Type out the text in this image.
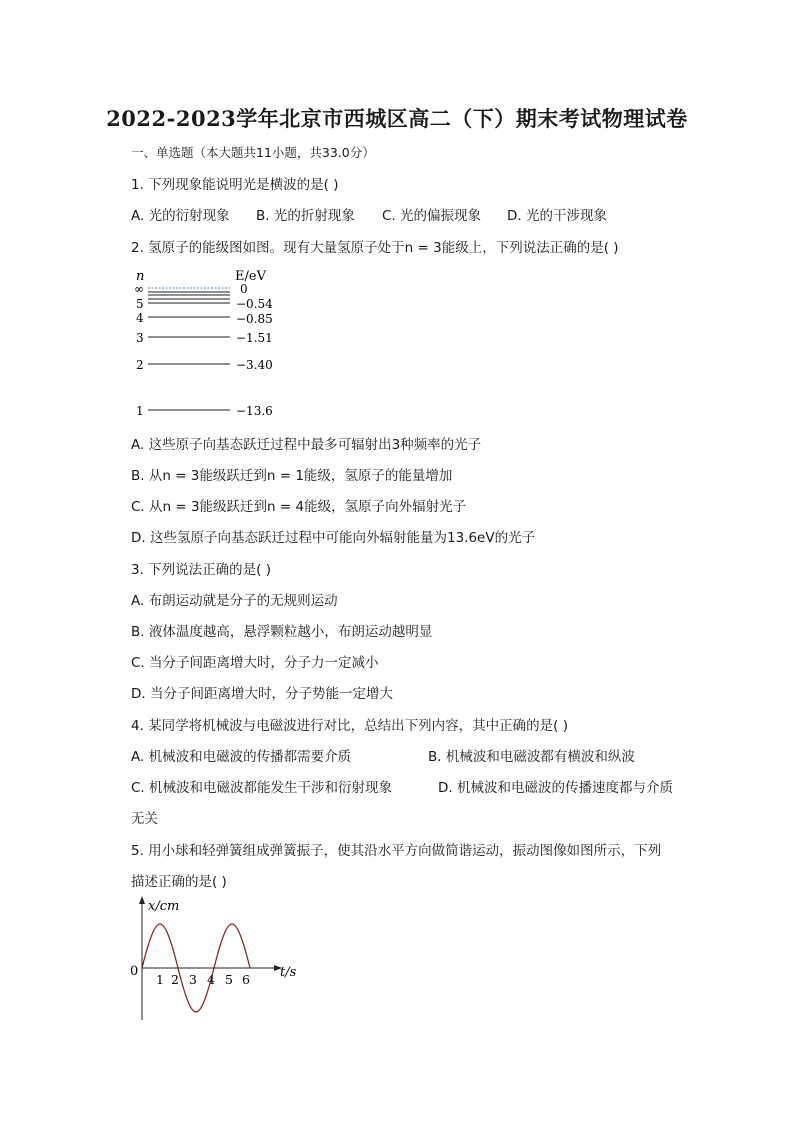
2022-2023学年北京市西城区高二（下）期末考试物理试卷
一、单选题（本大题共11小题，共33.0分）
1. 下列现象能说明光是横波的是( )
A. 光的衍射现象 B. 光的折射现象 C. 光的偏振现象 D. 光的干涉现象
2. 氢原子的能级图如图。现有大量氢原子处于n = 3能级上，下列说法正确的是( )
n	E/eV
∞	0
5	−0.54
4	−0.85
3	−1.51
2	−3.40
1	−13.6
A. 这些原子向基态跃迁过程中最多可辐射出3种频率的光子
B. 从n = 3能级跃迁到n = 1能级，氢原子的能量增加
C. 从n = 3能级跃迁到n = 4能级，氢原子向外辐射光子
D. 这些氢原子向基态跃迁过程中可能向外辐射能量为13.6eV的光子
3. 下列说法正确的是( )
A. 布朗运动就是分子的无规则运动
B. 液体温度越高，悬浮颗粒越小，布朗运动越明显
C. 当分子间距离增大时，分子力一定减小
D. 当分子间距离增大时，分子势能一定增大
4. 某同学将机械波与电磁波进行对比，总结出下列内容，其中正确的是( )
A. 机械波和电磁波的传播都需要介质	B. 机械波和电磁波都有横波和纵波
C. 机械波和电磁波都能发生干涉和衍射现象	D. 机械波和电磁波的传播速度都与介质
无关
5. 用小球和轻弹簧组成弹簧振子，使其沿水平方向做简谐运动，振动图像如图所示，下列
描述正确的是( )
x/cm
t/s
0
1 2 3 4 5 6
